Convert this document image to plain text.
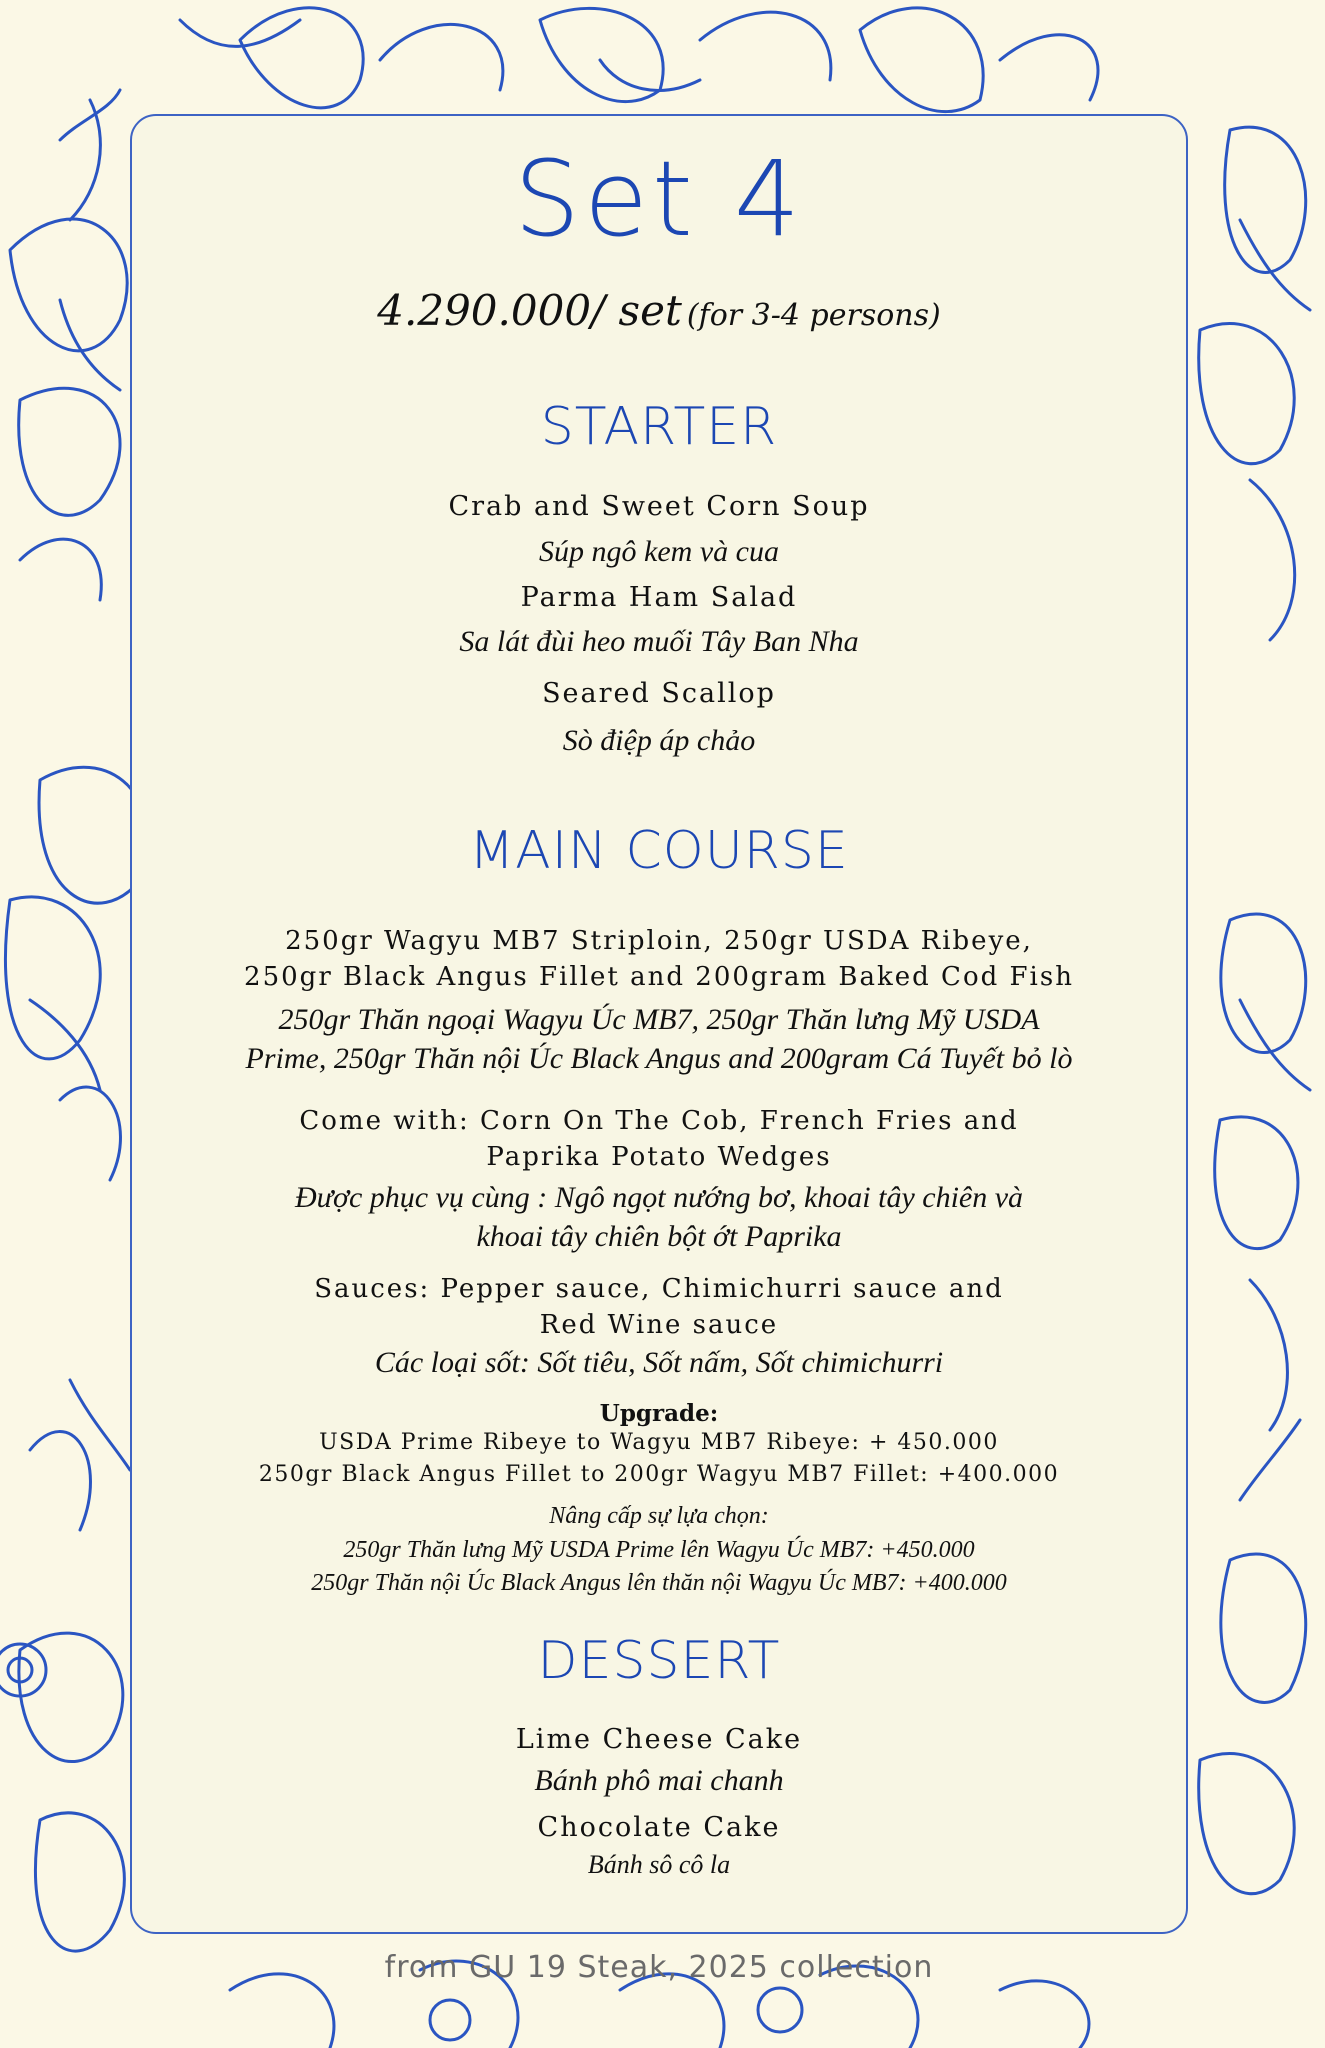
Set 4
4.290.000/ set (for 3-4 persons)
STARTER
Crab and Sweet Corn Soup
Súp ngô kem và cua
Parma Ham Salad
Sa lát đùi heo muối Tây Ban Nha
Seared Scallop
Sò điệp áp chảo
MAIN COURSE
250gr Wagyu MB7 Striploin, 250gr USDA Ribeye,
250gr Black Angus Fillet and 200gram Baked Cod Fish
250gr Thăn ngoại Wagyu Úc MB7, 250gr Thăn lưng Mỹ USDA
Prime, 250gr Thăn nội Úc Black Angus and 200gram Cá Tuyết bỏ lò
Come with: Corn On The Cob, French Fries and
Paprika Potato Wedges
Được phục vụ cùng : Ngô ngọt nướng bơ, khoai tây chiên và
khoai tây chiên bột ớt Paprika
Sauces: Pepper sauce, Chimichurri sauce and
Red Wine sauce
Các loại sốt: Sốt tiêu, Sốt nấm, Sốt chimichurri
Upgrade:
USDA Prime Ribeye to Wagyu MB7 Ribeye: + 450.000
250gr Black Angus Fillet to 200gr Wagyu MB7 Fillet: +400.000
Nâng cấp sự lựa chọn:
250gr Thăn lưng Mỹ USDA Prime lên Wagyu Úc MB7: +450.000
250gr Thăn nội Úc Black Angus lên thăn nội Wagyu Úc MB7: +400.000
DESSERT
Lime Cheese Cake
Bánh phô mai chanh
Chocolate Cake
Bánh sô cô la
from GU 19 Steak, 2025 collection
